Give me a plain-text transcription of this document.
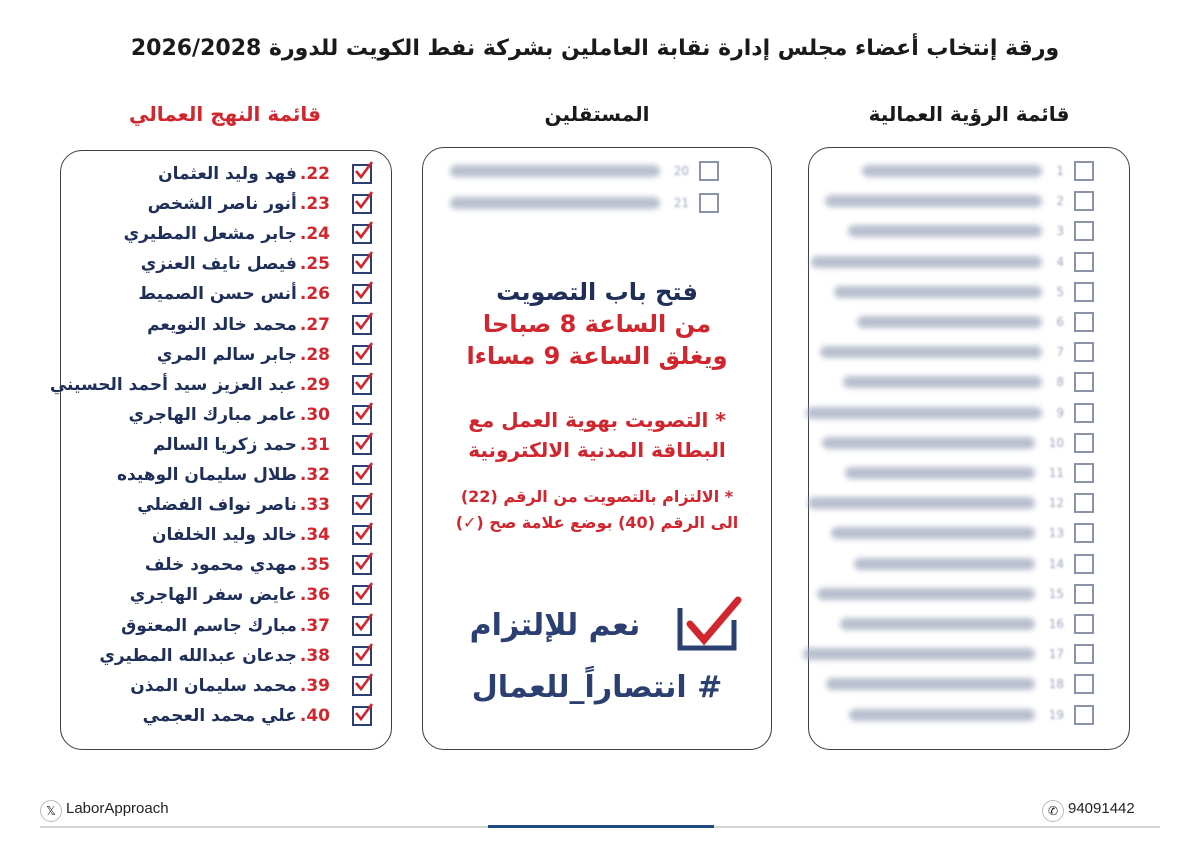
ورقة إنتخاب أعضاء مجلس إدارة نقابة العاملين بشركة نفط الكويت للدورة 2026/2028
قائمة الرؤية العمالية
المستقلين
قائمة النهج العمالي
22.
فهد وليد العثمان
23.
أنور ناصر الشخص
24.
جابر مشعل المطيري
25.
فيصل نايف العنزي
26.
أنس حسن الصميط
27.
محمد خالد النويعم
28.
جابر سالم المري
29.
عبد العزيز سيد أحمد الحسيني
30.
عامر مبارك الهاجري
31.
حمد زكريا السالم
32.
طلال سليمان الوهيده
33.
ناصر نواف الفضلي
34.
خالد وليد الخلفان
35.
مهدي محمود خلف
36.
عايض سفر الهاجري
37.
مبارك جاسم المعتوق
38.
جدعان عبدالله المطيري
39.
محمد سليمان المذن
40.
علي محمد العجمي
1
2
3
4
5
6
7
8
9
10
11
12
13
14
15
16
17
18
19
20
21
فتح باب التصويت
من الساعة 8 صباحا
ويغلق الساعة 9 مساءا
* التصويت بهوية العمل مع
البطاقة المدنية الالكترونية
* الالتزام بالتصويت من الرقم (22)
الى الرقم (40) بوضع علامة صح (✓)
نعم للإلتزام
# انتصاراً_للعمال
𝕏 LaborApproach	✆ 94091442
